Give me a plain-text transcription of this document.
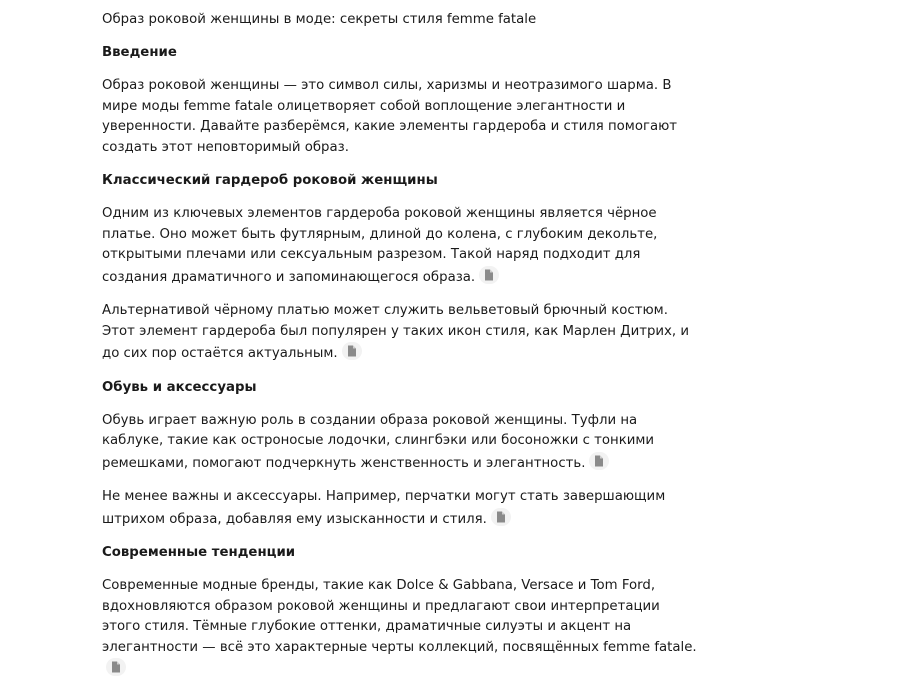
Образ роковой женщины в моде: секреты стиля femme fatale
Введение
Образ роковой женщины — это символ силы, харизмы и неотразимого шарма. В мире моды femme fatale олицетворяет собой воплощение элегантности и уверенности. Давайте разберёмся, какие элементы гардероба и стиля помогают создать этот неповторимый образ.
Классический гардероб роковой женщины
Одним из ключевых элементов гардероба роковой женщины является чёрное платье. Оно может быть футлярным, длиной до колена, с глубоким декольте, открытыми плечами или сексуальным разрезом. Такой наряд подходит для создания драматичного и запоминающегося образа.
Альтернативой чёрному платью может служить вельветовый брючный костюм. Этот элемент гардероба был популярен у таких икон стиля, как Марлен Дитрих, и до сих пор остаётся актуальным.
Обувь и аксессуары
Обувь играет важную роль в создании образа роковой женщины. Туфли на каблуке, такие как остроносые лодочки, слингбэки или босоножки с тонкими ремешками, помогают подчеркнуть женственность и элегантность.
Не менее важны и аксессуары. Например, перчатки могут стать завершающим штрихом образа, добавляя ему изысканности и стиля.
Современные тенденции
Современные модные бренды, такие как Dolce & Gabbana, Versace и Tom Ford, вдохновляются образом роковой женщины и предлагают свои интерпретации этого стиля. Тёмные глубокие оттенки, драматичные силуэты и акцент на элегантности — всё это характерные черты коллекций, посвящённых femme fatale.
